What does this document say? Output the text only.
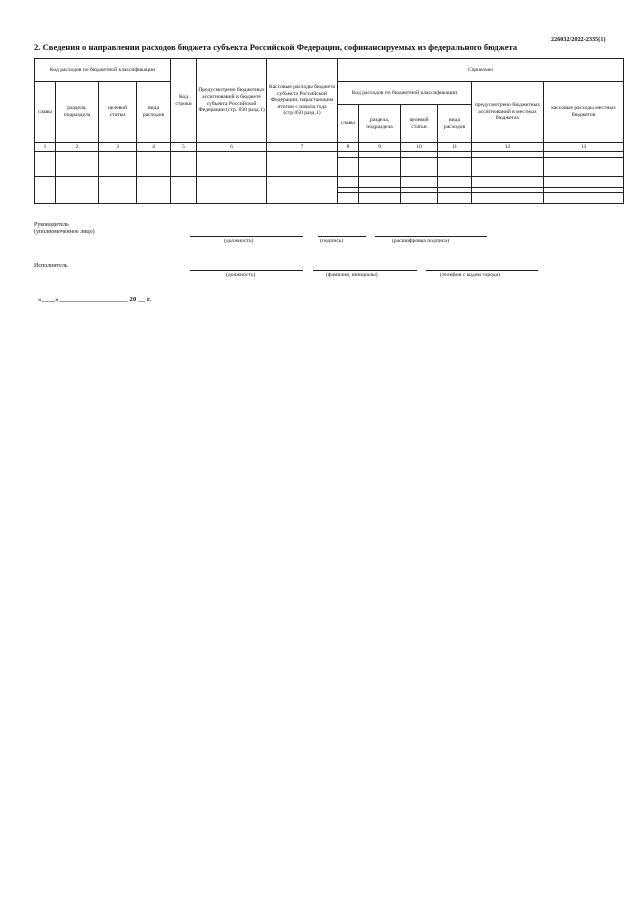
226032/2022-2335(1)
2. Сведения о направлении расходов бюджета субъекта Российской Федерации, софинансируемых из федерального бюджета
Код расходов по бюджетной классификации				Код строки	Предусмотрено бюджетных ассигнований в бюджете субъекта Российской Федерации (стр. 030 разд.1)	Кассовые расходы бюджета субъекта Российской Федерации, нарастающим итогом с начала года (стр.050 разд.1)	Справочно					
главы	раздела, подраздела	целевой статьи	вида расходов				Код расходов по бюджетной классификации				предусмотрено бюджетных ассигнований в местных бюджетах	кассовые расходы местных бюджетов
							главы	раздела, подраздела	целевой статьи	вида расходов		
1	2	3	4	5	6	7	8	9	10	11	12	13

Руководитель
(уполномоченное лицо)
(должность)	(подпись)	(расшифровка подписи)
Исполнитель
(должность)	(фамилия, инициалы)	(телефон с кодом города)
«____»____________________ 20 __ г.
